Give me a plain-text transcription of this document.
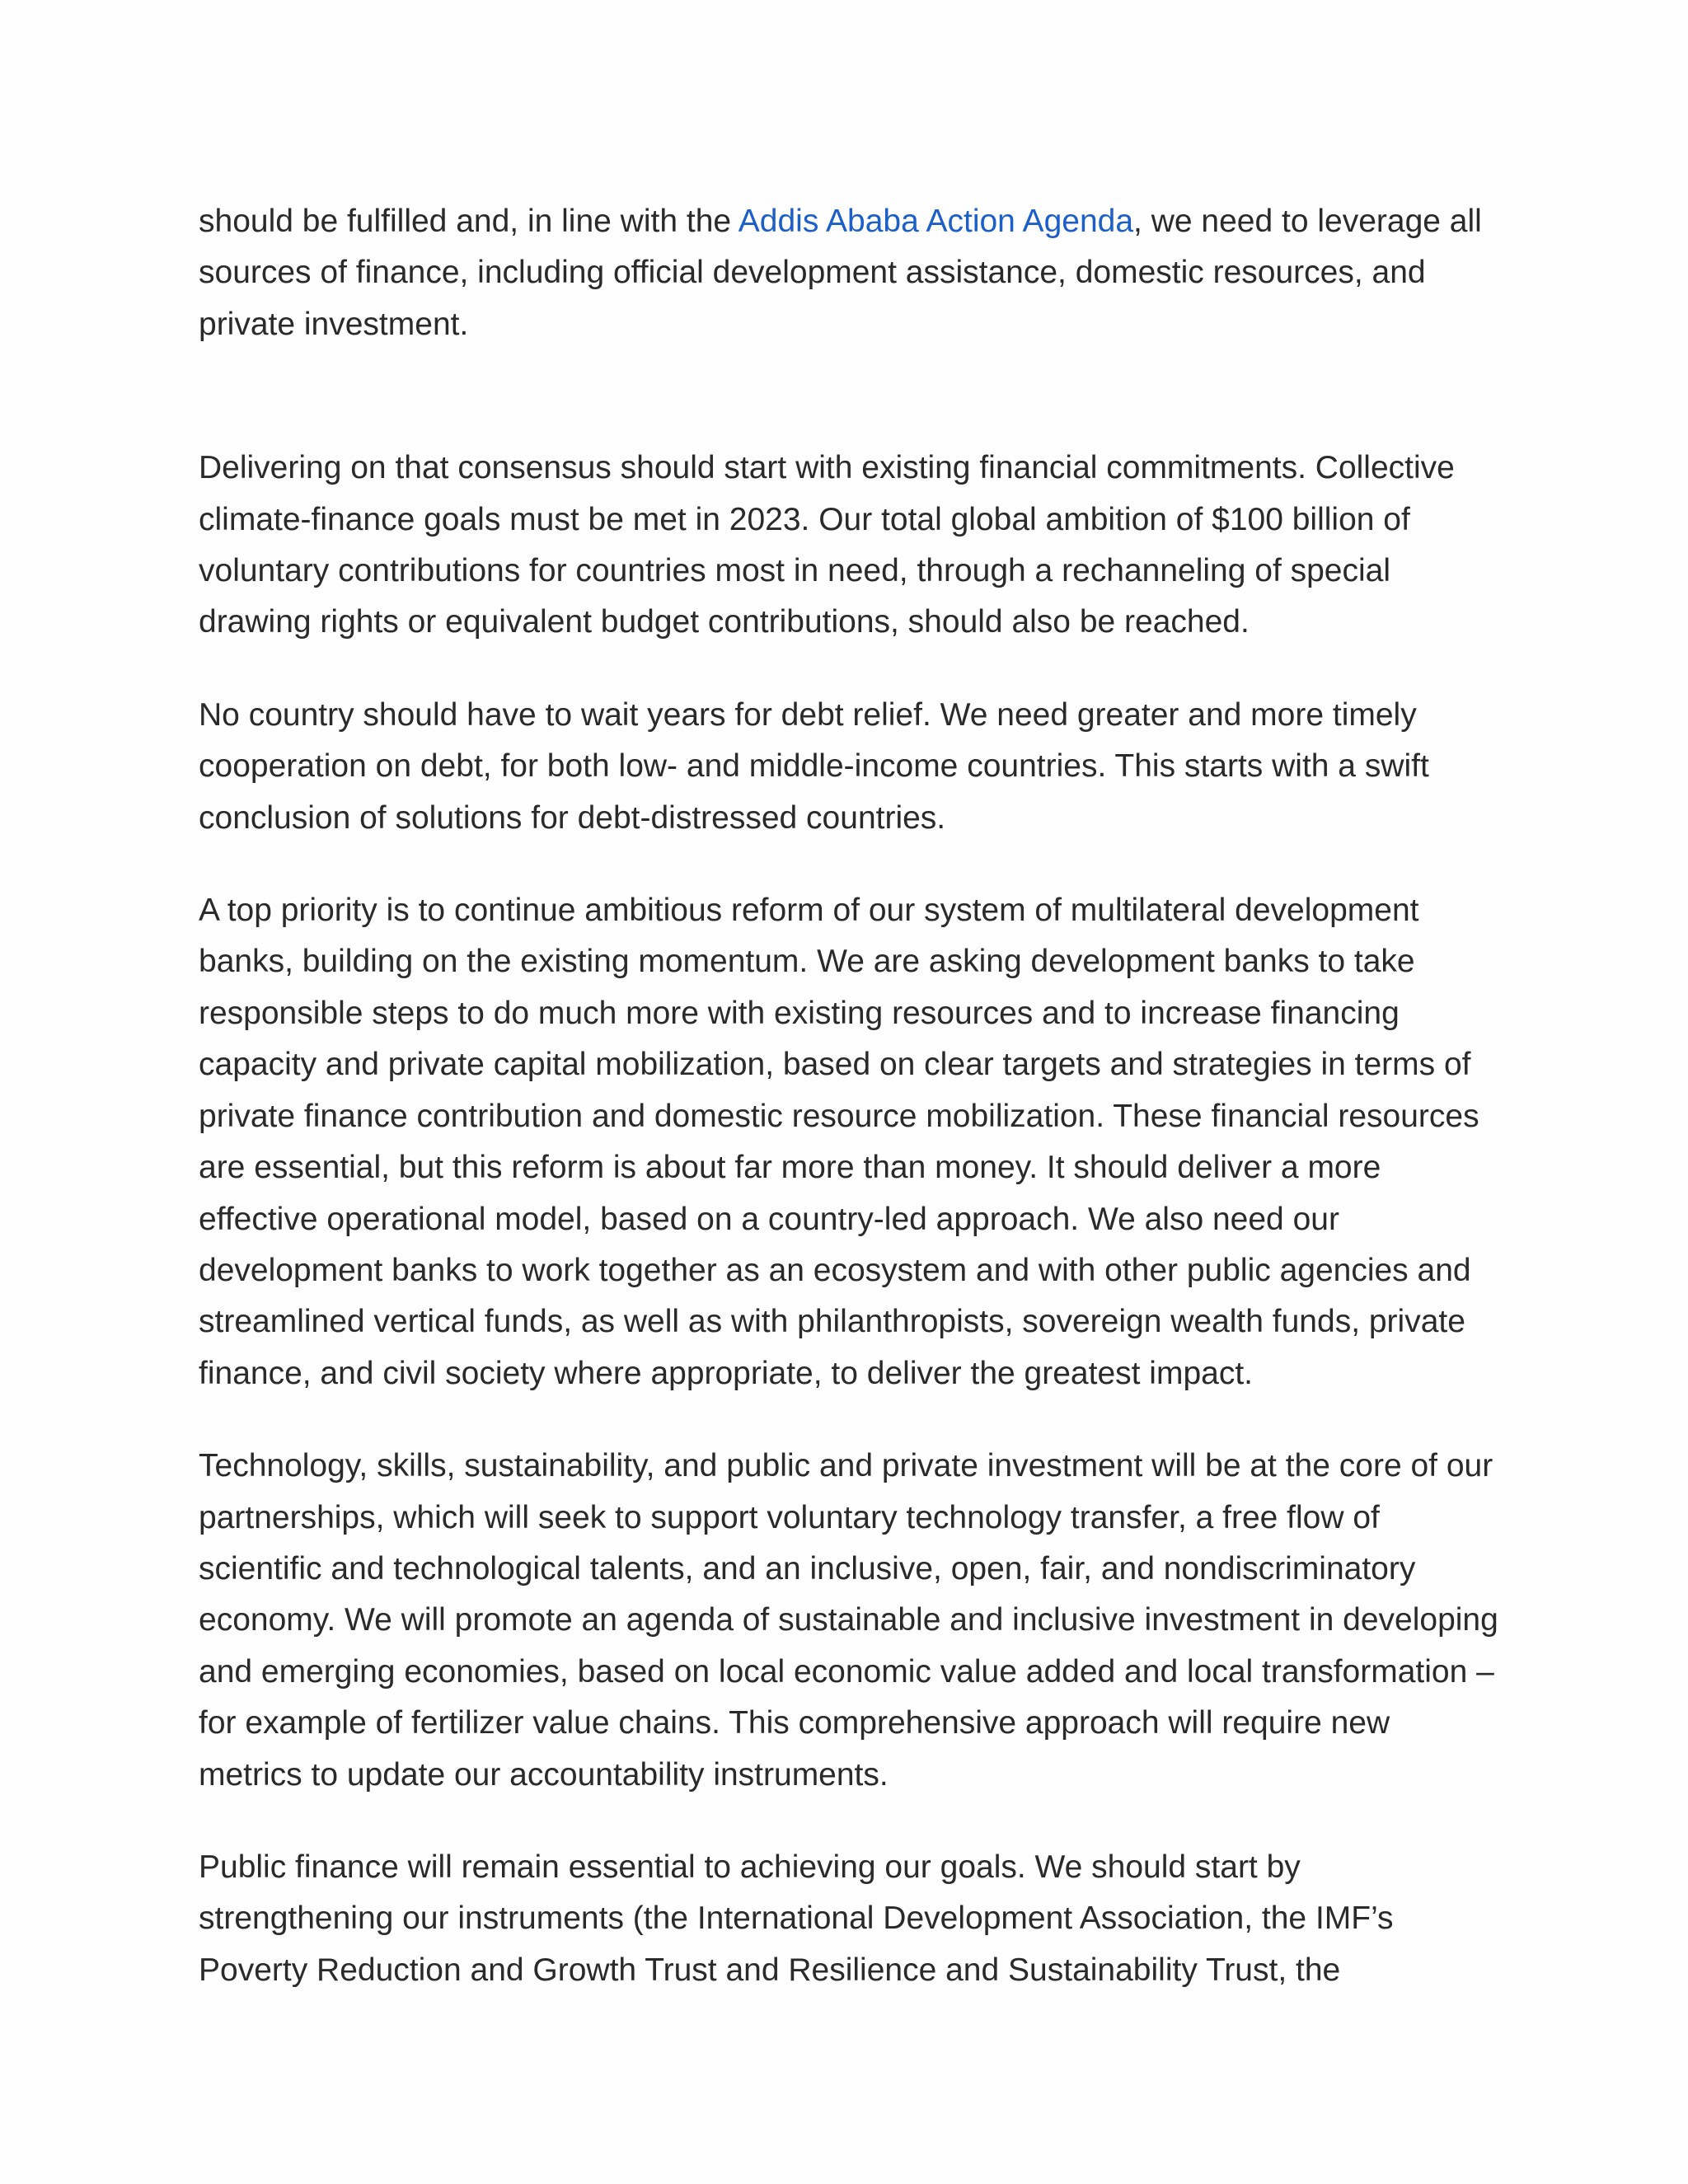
should be fulfilled and, in line with the Addis Ababa Action Agenda, we need to leverage all sources of finance, including official development assistance, domestic resources, and private investment.

Delivering on that consensus should start with existing financial commitments. Collective climate-finance goals must be met in 2023. Our total global ambition of $100 billion of voluntary contributions for countries most in need, through a rechanneling of special drawing rights or equivalent budget contributions, should also be reached.

No country should have to wait years for debt relief. We need greater and more timely cooperation on debt, for both low- and middle-income countries. This starts with a swift conclusion of solutions for debt-distressed countries.

A top priority is to continue ambitious reform of our system of multilateral development banks, building on the existing momentum. We are asking development banks to take responsible steps to do much more with existing resources and to increase financing capacity and private capital mobilization, based on clear targets and strategies in terms of private finance contribution and domestic resource mobilization. These financial resources are essential, but this reform is about far more than money. It should deliver a more effective operational model, based on a country-led approach. We also need our development banks to work together as an ecosystem and with other public agencies and streamlined vertical funds, as well as with philanthropists, sovereign wealth funds, private finance, and civil society where appropriate, to deliver the greatest impact.

Technology, skills, sustainability, and public and private investment will be at the core of our partnerships, which will seek to support voluntary technology transfer, a free flow of scientific and technological talents, and an inclusive, open, fair, and nondiscriminatory economy. We will promote an agenda of sustainable and inclusive investment in developing and emerging economies, based on local economic value added and local transformation – for example of fertilizer value chains. This comprehensive approach will require new metrics to update our accountability instruments.

Public finance will remain essential to achieving our goals. We should start by strengthening our instruments (the International Development Association, the IMF’s Poverty Reduction and Growth Trust and Resilience and Sustainability Trust, the
